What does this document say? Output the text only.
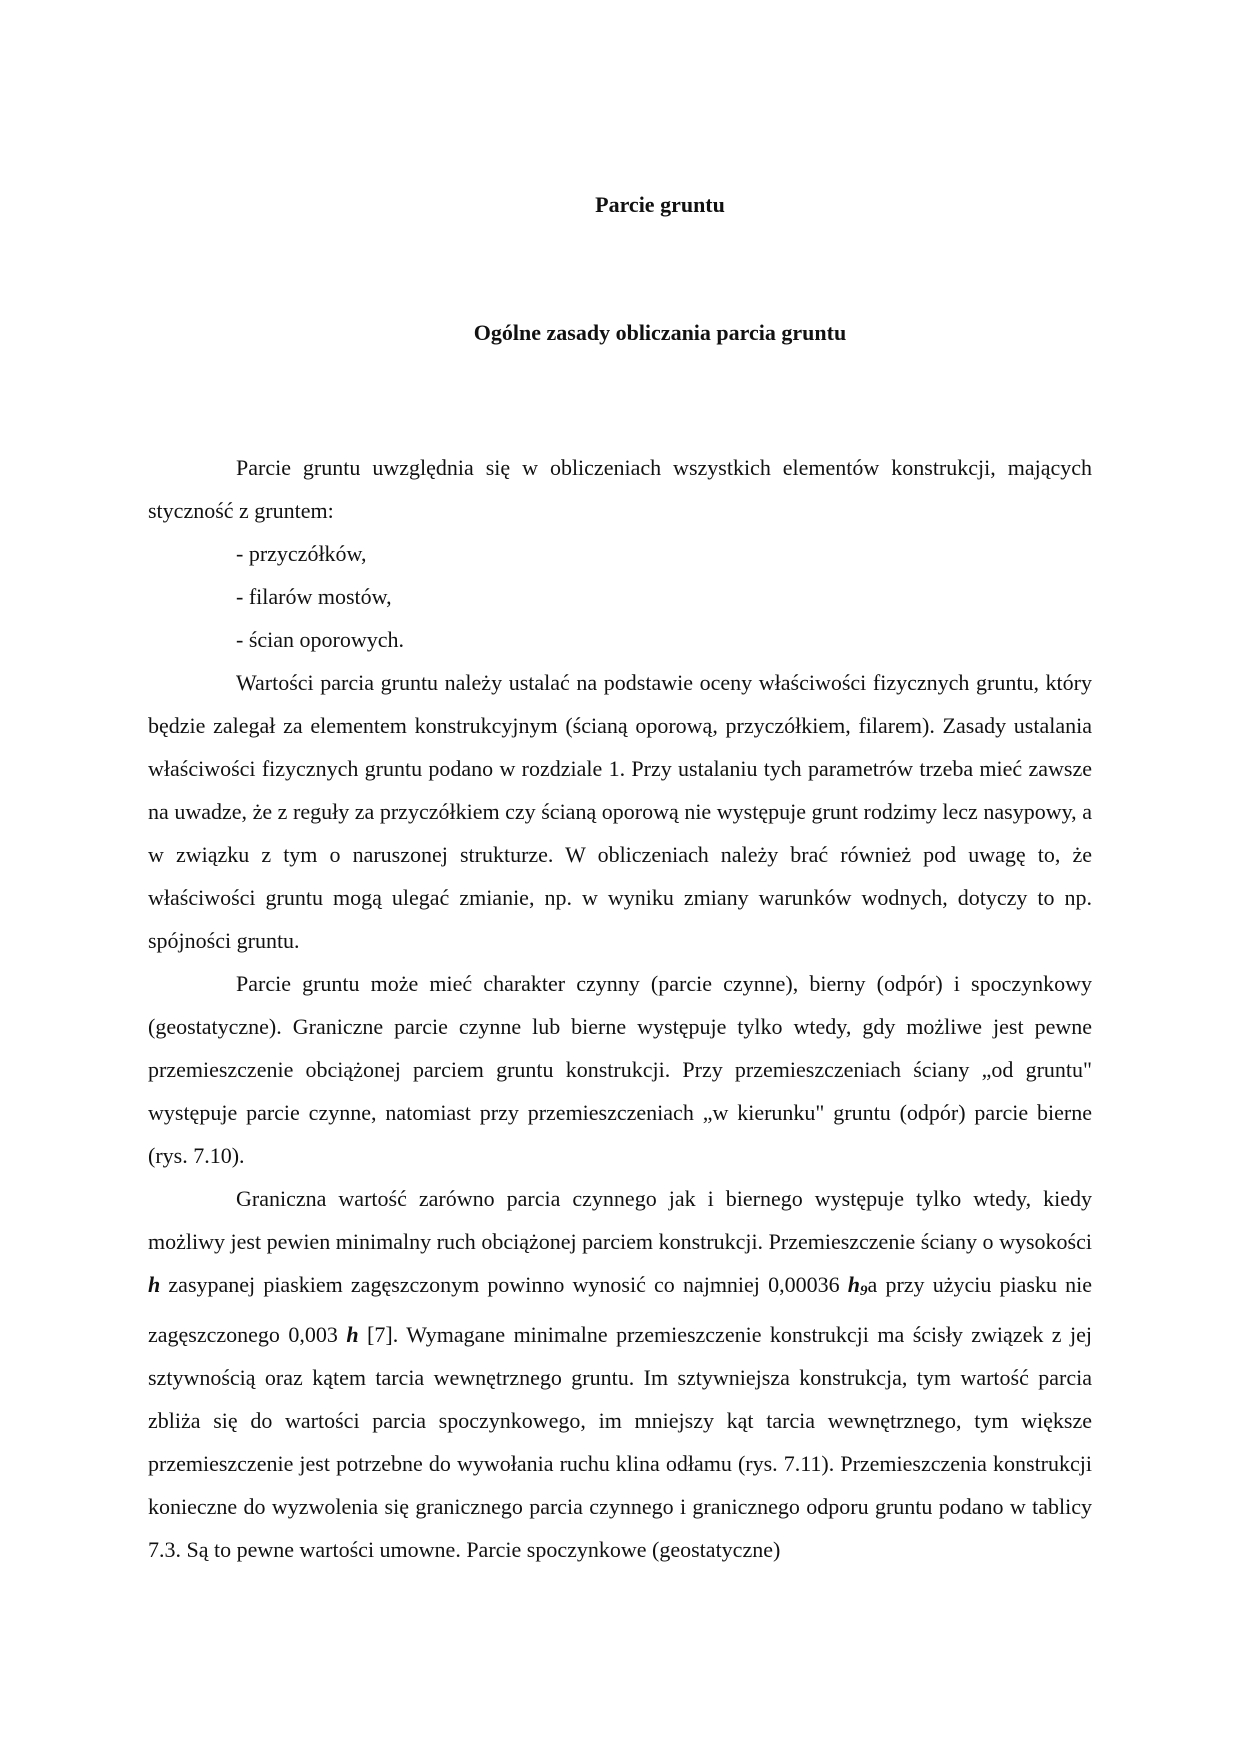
Parcie gruntu
Ogólne zasady obliczania parcia gruntu

Parcie gruntu uwzględnia się w obliczeniach wszystkich elementów konstrukcji, mających styczność z gruntem:

- przyczółków,
- filarów mostów,
- ścian oporowych.

Wartości parcia gruntu należy ustalać na podstawie oceny właściwości fizycznych gruntu, który będzie zalegał za elementem konstrukcyjnym (ścianą oporową, przyczółkiem, filarem). Zasady ustalania właściwości fizycznych gruntu podano w rozdziale 1. Przy ustalaniu tych parametrów trzeba mieć zawsze na uwadze, że z reguły za przyczółkiem czy ścianą oporową nie występuje grunt rodzimy lecz nasypowy, a w związku z tym o naruszonej strukturze. W obliczeniach należy brać również pod uwagę to, że właściwości gruntu mogą ulegać zmianie, np. w wyniku zmiany warunków wodnych, dotyczy to np. spójności gruntu.

Parcie gruntu może mieć charakter czynny (parcie czynne), bierny (odpór) i spoczynkowy (geostatyczne). Graniczne parcie czynne lub bierne występuje tylko wtedy, gdy możliwe jest pewne przemieszczenie obciążonej parciem gruntu konstrukcji. Przy przemieszczeniach ściany „od gruntu" występuje parcie czynne, natomiast przy przemieszczeniach „w kierunku" gruntu (odpór) parcie bierne (rys. 7.10).

Graniczna wartość zarówno parcia czynnego jak i biernego występuje tylko wtedy, kiedy możliwy jest pewien minimalny ruch obciążonej parciem konstrukcji. Przemieszczenie ściany o wysokości h zasypanej piaskiem zagęszczonym powinno wynosić co najmniej 0,00036 $h_9a$ przy użyciu piasku nie zagęszczonego 0,003 h [7]. Wymagane minimalne przemieszczenie konstrukcji ma ścisły związek z jej sztywnością oraz kątem tarcia wewnętrznego gruntu. Im sztywniejsza konstrukcja, tym wartość parcia zbliża się do wartości parcia spoczynkowego, im mniejszy kąt tarcia wewnętrznego, tym większe przemieszczenie jest potrzebne do wywołania ruchu klina odłamu (rys. 7.11). Przemieszczenia konstrukcji konieczne do wyzwolenia się granicznego parcia czynnego i granicznego odporu gruntu podano w tablicy 7.3. Są to pewne wartości umowne. Parcie spoczynkowe (geostatyczne)
